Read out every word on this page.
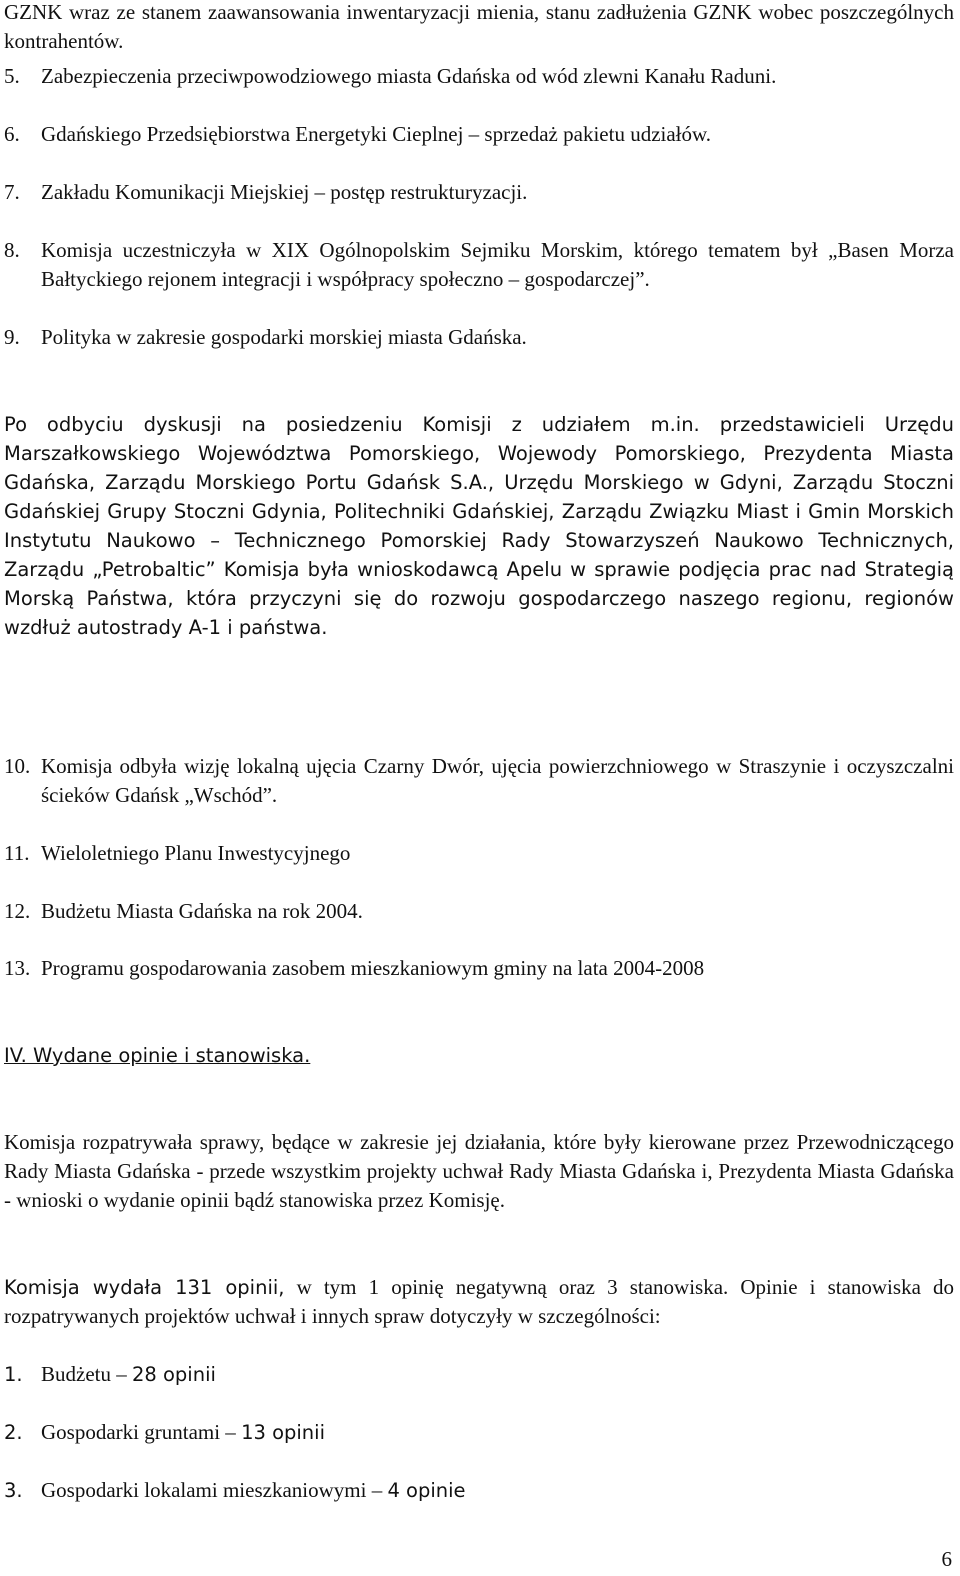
GZNK wraz ze stanem zaawansowania inwentaryzacji mienia, stanu zadłużenia GZNK wobec poszczególnych kontrahentów.

5.	Zabezpieczenia przeciwpowodziowego miasta Gdańska od wód zlewni Kanału Raduni.
6.	Gdańskiego Przedsiębiorstwa Energetyki Cieplnej – sprzedaż pakietu udziałów.
7.	Zakładu Komunikacji Miejskiej – postęp restrukturyzacji.
8.	Komisja uczestniczyła w XIX Ogólnopolskim Sejmiku Morskim, którego tematem był „Basen Morza Bałtyckiego rejonem integracji i współpracy społeczno – gospodarczej”.
9.	Polityka w zakresie gospodarki morskiej miasta Gdańska.

Po odbyciu dyskusji na posiedzeniu Komisji z udziałem m.in. przedstawicieli Urzędu Marszałkowskiego Województwa Pomorskiego, Wojewody Pomorskiego, Prezydenta Miasta Gdańska, Zarządu Morskiego Portu Gdańsk S.A., Urzędu Morskiego w Gdyni, Zarządu Stoczni Gdańskiej Grupy Stoczni Gdynia, Politechniki Gdańskiej, Zarządu Związku Miast i Gmin Morskich Instytutu Naukowo – Technicznego Pomorskiej Rady Stowarzyszeń Naukowo Technicznych, Zarządu „Petrobaltic” Komisja była wnioskodawcą Apelu w sprawie podjęcia prac nad Strategią Morską Państwa, która przyczyni się do rozwoju gospodarczego naszego regionu, regionów wzdłuż autostrady A-1 i państwa.

10. Komisja odbyła wizję lokalną ujęcia Czarny Dwór, ujęcia powierzchniowego w Straszynie i oczyszczalni ścieków Gdańsk „Wschód”.
11. Wieloletniego Planu Inwestycyjnego
12. Budżetu Miasta Gdańska na rok 2004.
13. Programu gospodarowania zasobem mieszkaniowym gminy na lata 2004-2008
IV. Wydane opinie i stanowiska.

Komisja rozpatrywała sprawy, będące w zakresie jej działania, które były kierowane przez Przewodniczącego Rady Miasta Gdańska - przede wszystkim projekty uchwał Rady Miasta Gdańska i, Prezydenta Miasta Gdańska - wnioski o wydanie opinii bądź stanowiska przez Komisję.

Komisja wydała 131 opinii, w tym 1 opinię negatywną oraz 3 stanowiska. Opinie i stanowiska do rozpatrywanych projektów uchwał i innych spraw dotyczyły w szczególności:

1. Budżetu – 28 opinii
2. Gospodarki gruntami – 13 opinii
3. Gospodarki lokalami mieszkaniowymi – 4 opinie
6
